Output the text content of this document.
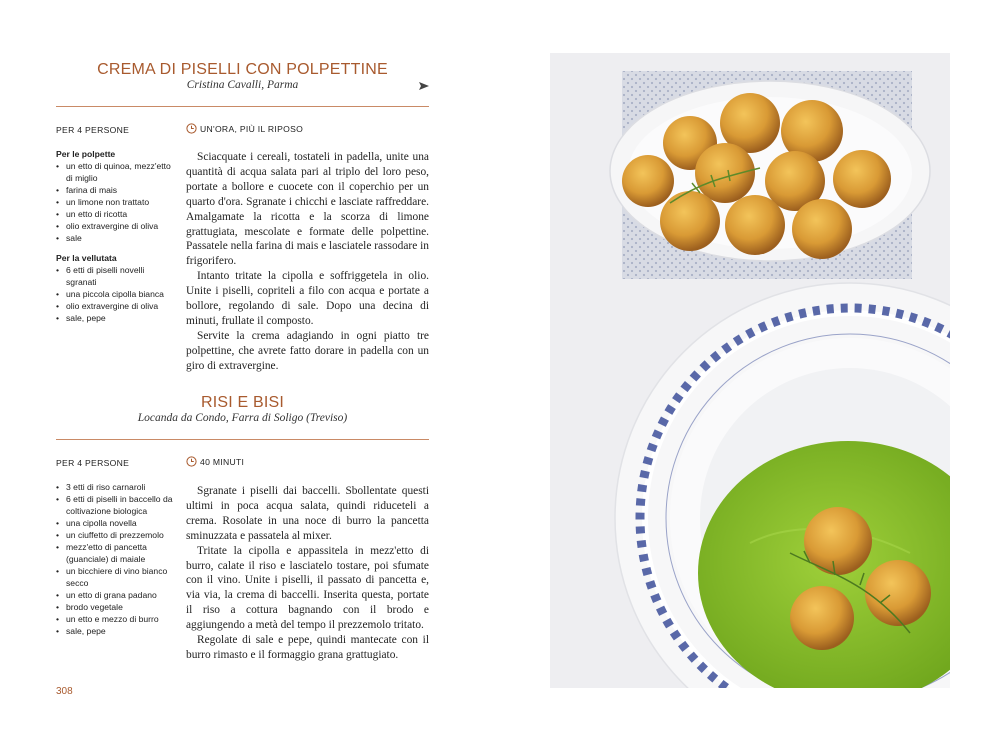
CREMA DI PISELLI CON POLPETTINE
Cristina Cavalli, Parma
PER 4 PERSONE	UN'ORA, PIÙ IL RIPOSO

Per le polpette

• un etto di quinoa, mezz'etto di miglio
• farina di mais
• un limone non trattato
• un etto di ricotta
• olio extravergine di oliva
• sale

Per la vellutata

• 6 etti di piselli novelli sgranati
• una piccola cipolla bianca
• olio extravergine di oliva
• sale, pepe

Sciacquate i cereali, tostateli in padella, unite una quantità di acqua salata pari al triplo del loro peso, portate a bollore e cuocete con il coperchio per un quarto d'ora. Sgranate i chicchi e lasciate raffreddare. Amalgamate la ricotta e la scorza di limone grattugiata, mescolate e formate delle polpettine. Passatele nella farina di mais e lasciatele rassodare in frigorifero.

Intanto tritate la cipolla e soffriggetela in olio. Unite i piselli, copriteli a filo con acqua e portate a bollore, regolando di sale. Dopo una decina di minuti, frullate il composto.

Servite la crema adagiando in ogni piatto tre polpettine, che avrete fatto dorare in padella con un giro di extravergine.

RISI E BISI
Locanda da Condo, Farra di Soligo (Treviso)
PER 4 PERSONE	40 MINUTI
• 3 etti di riso carnaroli
• 6 etti di piselli in baccello da coltivazione biologica
• una cipolla novella
• un ciuffetto di prezzemolo
• mezz'etto di pancetta (guanciale) di maiale
• un bicchiere di vino bianco secco
• un etto di grana padano
• brodo vegetale
• un etto e mezzo di burro
• sale, pepe

Sgranate i piselli dai baccelli. Sbollentate questi ultimi in poca acqua salata, quindi riduceteli a crema. Rosolate in una noce di burro la pancetta sminuzzata e passatela al mixer.

Tritate la cipolla e appassitela in mezz'etto di burro, calate il riso e lasciatelo tostare, poi sfumate con il vino. Unite i piselli, il passato di pancetta e, via via, la crema di baccelli. Inserita questa, portate il riso a cottura bagnando con il brodo e aggiungendo a metà del tempo il prezzemolo tritato.

Regolate di sale e pepe, quindi mantecate con il burro rimasto e il formaggio grana grattugiato.

308
